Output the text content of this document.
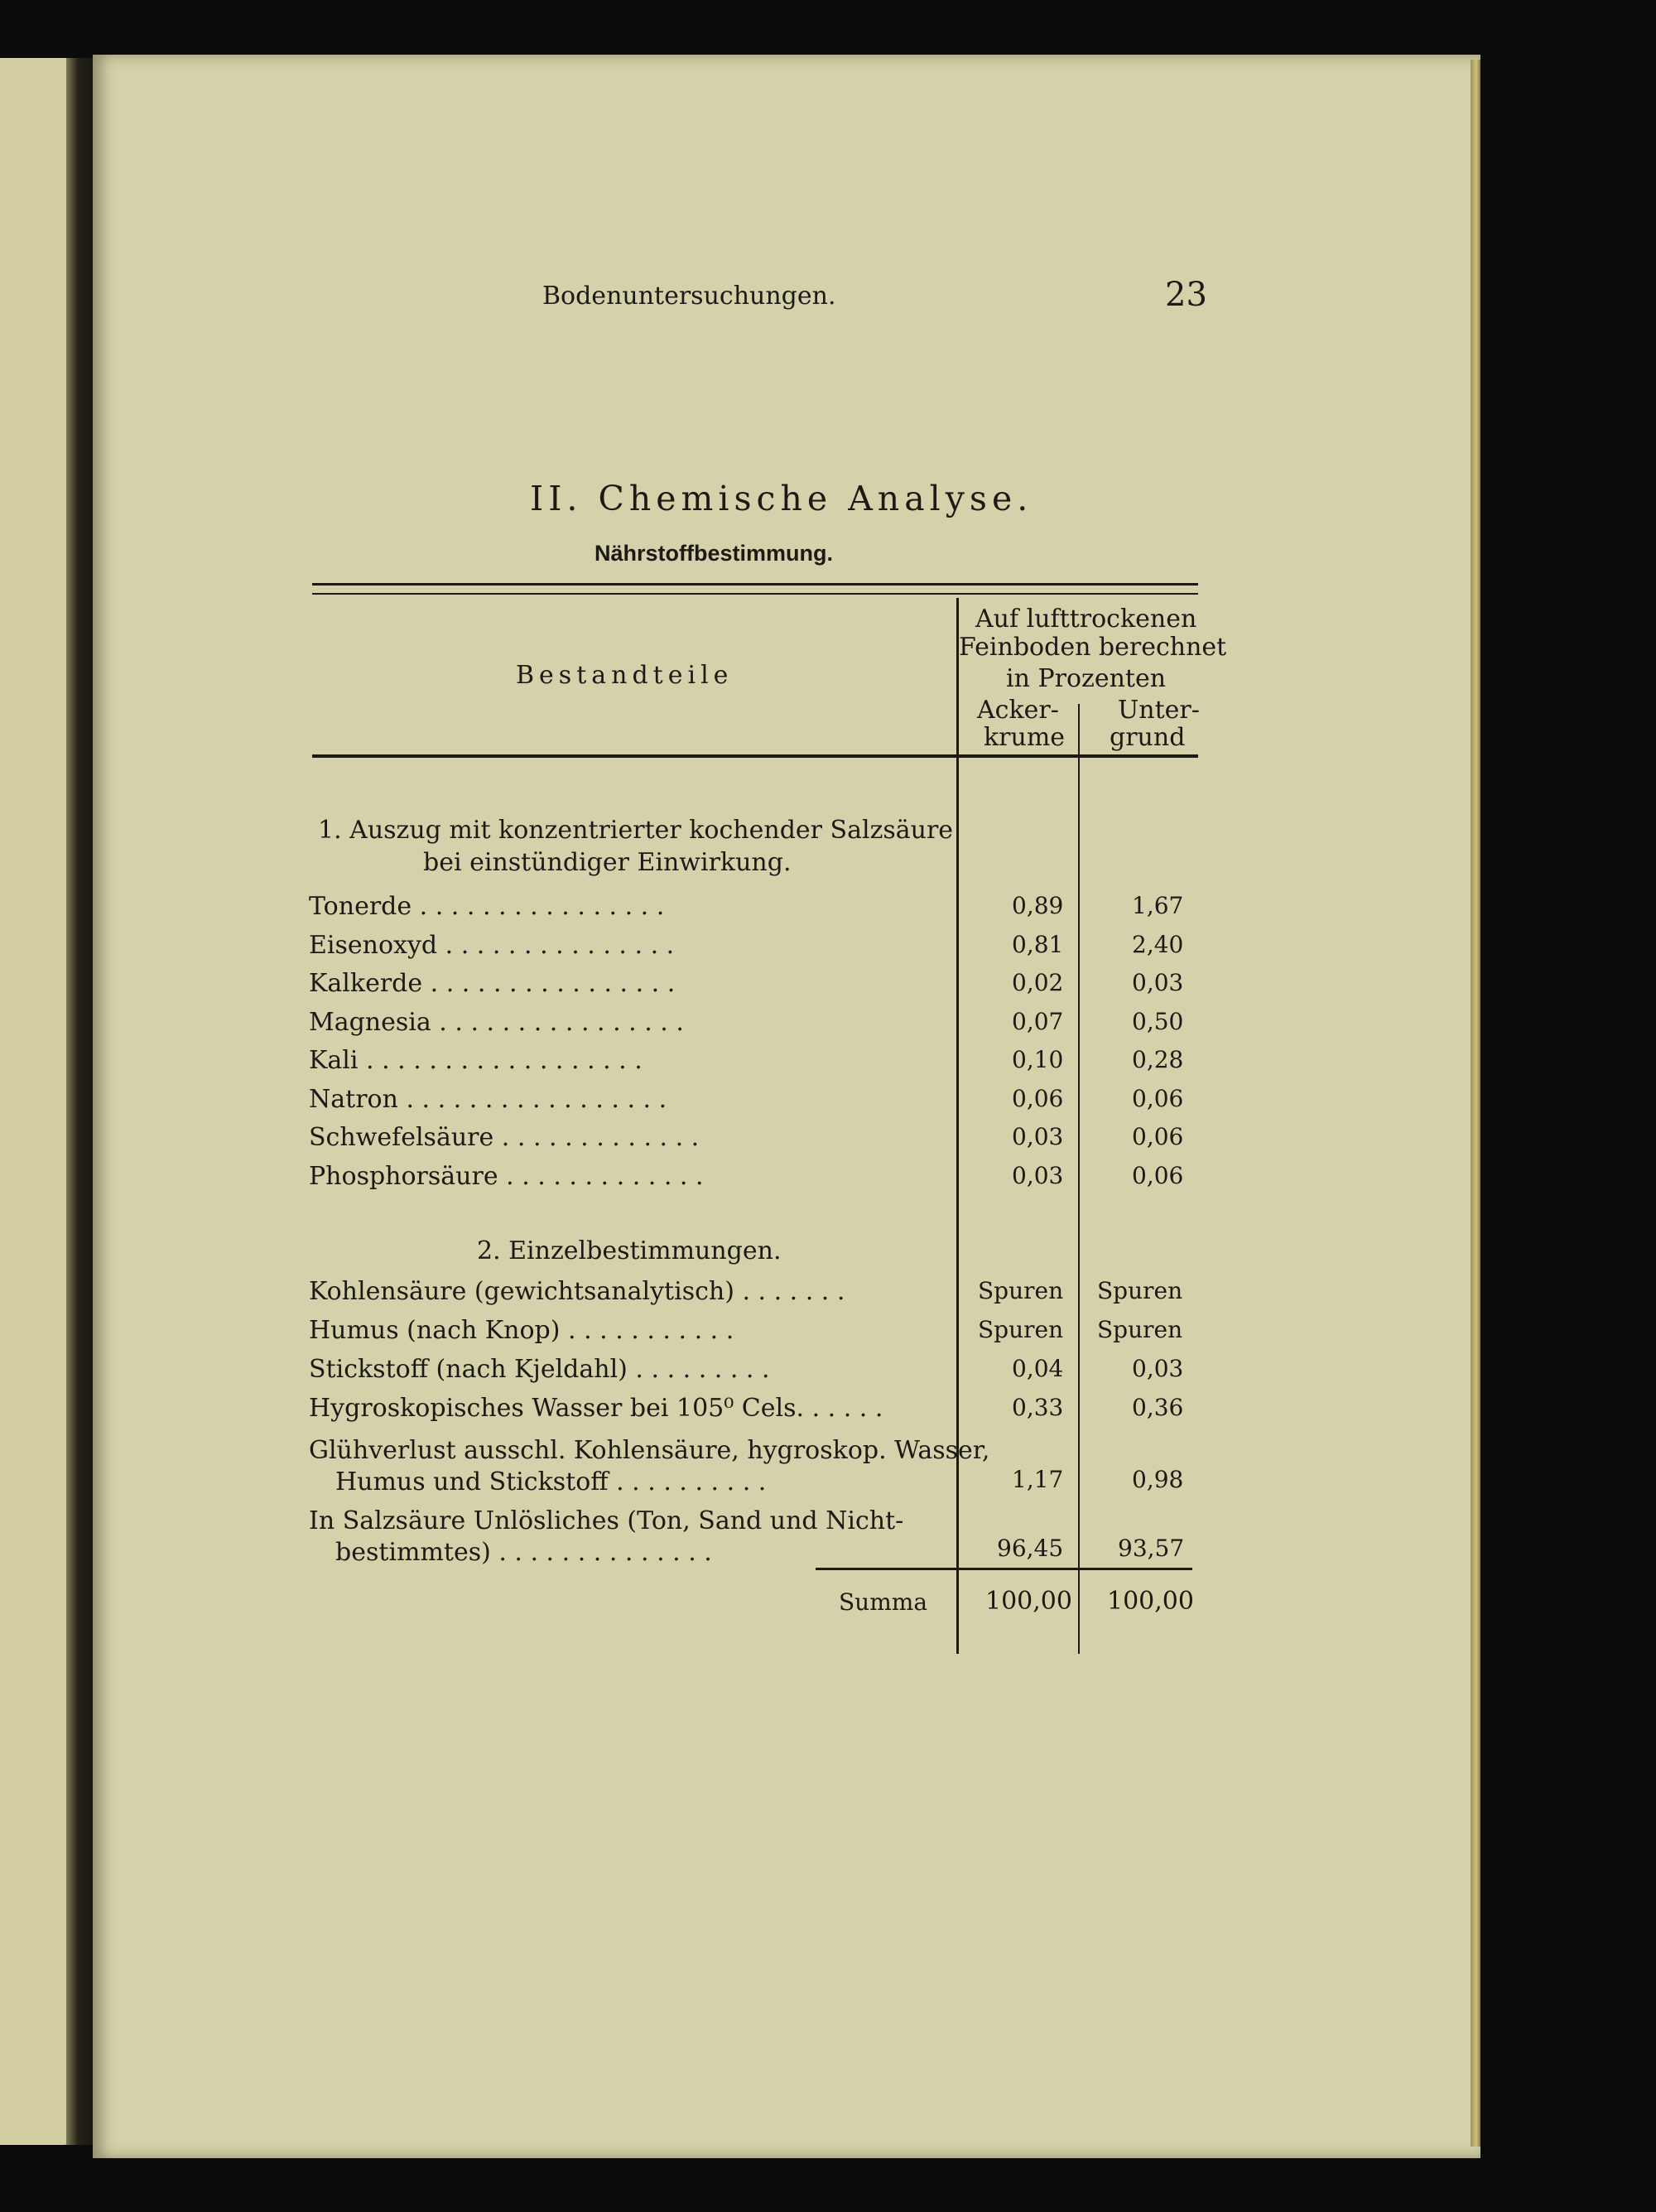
Bodenuntersuchungen.	23
II. Chemische Analyse.
Nährstoffbestimmung.
Bestandteile
Auf lufttrockenen
Feinboden berechnet
in Prozenten
Acker-
krume
Unter-
grund
1. Auszug mit konzentrierter kochender Salzsäure
bei einstündiger Einwirkung.
Tonerde . . . . . . . . . . . . . . . .	0,89	1,67
Eisenoxyd . . . . . . . . . . . . . . .	0,81	2,40
Kalkerde . . . . . . . . . . . . . . . .	0,02	0,03
Magnesia . . . . . . . . . . . . . . . .	0,07	0,50
Kali . . . . . . . . . . . . . . . . . .	0,10	0,28
Natron . . . . . . . . . . . . . . . . .	0,06	0,06
Schwefelsäure . . . . . . . . . . . . .	0,03	0,06
Phosphorsäure . . . . . . . . . . . . .	0,03	0,06
2. Einzelbestimmungen.
Kohlensäure (gewichtsanalytisch) . . . . . . .	Spuren Spuren
Humus (nach Knop) . . . . . . . . . . .	Spuren Spuren
Stickstoff (nach Kjeldahl) . . . . . . . . .	0,04	0,03
Hygroskopisches Wasser bei 105⁰ Cels. . . . . .	0,33	0,36
Glühverlust ausschl. Kohlensäure, hygroskop. Wasser,
Humus und Stickstoff . . . . . . . . . .	1,17	0,98
In Salzsäure Unlösliches (Ton, Sand und Nicht-
bestimmtes) . . . . . . . . . . . . . .	96,45 93,57
Summa 100,00 100,00
